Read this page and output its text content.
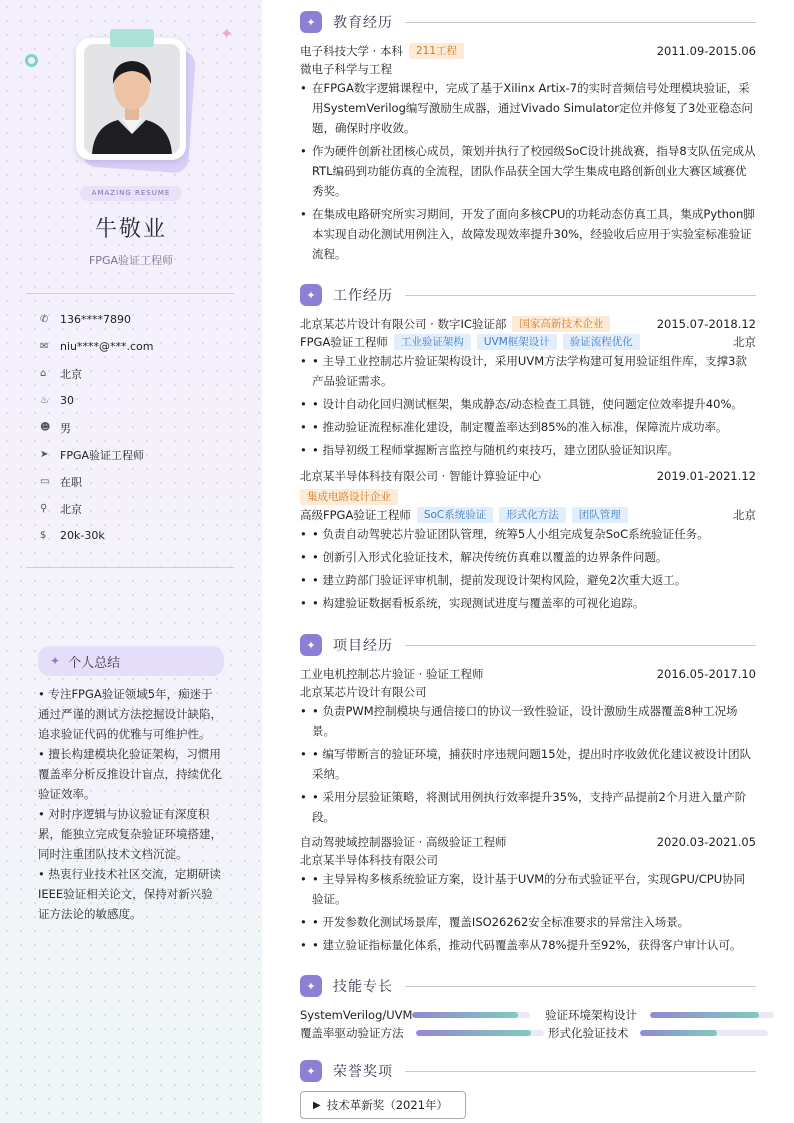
✦
AMAZING RESUME
牛敬业
FPGA验证工程师
✆	136****7890
✉	niu****@***.com
⌂	北京
♨	30
☻ 男
➤	FPGA验证工程师
▭ 在职
⚲	北京
$	20k-30k
✦ 个人总结
• 专注FPGA验证领域5年，痴迷于通过严谨的测试方法挖掘设计缺陷，追求验证代码的优雅与可维护性。
• 擅长构建模块化验证架构，习惯用覆盖率分析反推设计盲点，持续优化验证效率。
• 对时序逻辑与协议验证有深度积累，能独立完成复杂验证环境搭建，同时注重团队技术文档沉淀。
• 热衷行业技术社区交流，定期研读IEEE验证相关论文，保持对新兴验证方法论的敏感度。
✦	教育经历
电子科技大学 · 本科	211工程	2011.09-2015.06
微电子科学与工程
• 在FPGA数字逻辑课程中，完成了基于Xilinx Artix-7的实时音频信号处理模块验证，采用SystemVerilog编写激励生成器，通过Vivado Simulator定位并修复了3处亚稳态问题，确保时序收敛。
• 作为硬件创新社团核心成员，策划并执行了校园级SoC设计挑战赛，指导8支队伍完成从RTL编码到功能仿真的全流程，团队作品获全国大学生集成电路创新创业大赛区域赛优秀奖。
• 在集成电路研究所实习期间，开发了面向多核CPU的功耗动态仿真工具，集成Python脚本实现自动化测试用例注入，故障发现效率提升30%，经验收后应用于实验室标准验证流程。
✦	工作经历
北京某芯片设计有限公司 · 数字IC验证部	国家高新技术企业	2015.07-2018.12
FPGA验证工程师	工业验证架构	UVM框架设计	验证流程优化	北京
• • 主导工业控制芯片验证架构设计，采用UVM方法学构建可复用验证组件库，支撑3款产品验证需求。
• • 设计自动化回归测试框架，集成静态/动态检查工具链，使问题定位效率提升40%。
• • 推动验证流程标准化建设，制定覆盖率达到85%的准入标准，保障流片成功率。
• • 指导初级工程师掌握断言监控与随机约束技巧，建立团队验证知识库。
北京某半导体科技有限公司 · 智能计算验证中心	2019.01-2021.12
集成电路设计企业
高级FPGA验证工程师	SoC系统验证	形式化方法	团队管理	北京
• • 负责自动驾驶芯片验证团队管理，统筹5人小组完成复杂SoC系统验证任务。
• • 创新引入形式化验证技术，解决传统仿真难以覆盖的边界条件问题。
• • 建立跨部门验证评审机制，提前发现设计架构风险，避免2次重大返工。
• • 构建验证数据看板系统，实现测试进度与覆盖率的可视化追踪。
✦	项目经历
工业电机控制芯片验证 · 验证工程师	2016.05-2017.10
北京某芯片设计有限公司
• • 负责PWM控制模块与通信接口的协议一致性验证，设计激励生成器覆盖8种工况场景。
• • 编写带断言的验证环境，捕获时序违规问题15处，提出时序收敛优化建议被设计团队采纳。
• • 采用分层验证策略，将测试用例执行效率提升35%，支持产品提前2个月进入量产阶段。
自动驾驶域控制器验证 · 高级验证工程师	2020.03-2021.05
北京某半导体科技有限公司
• • 主导异构多核系统验证方案，设计基于UVM的分布式验证平台，实现GPU/CPU协同验证。
• • 开发参数化测试场景库，覆盖ISO26262安全标准要求的异常注入场景。
• • 建立验证指标量化体系，推动代码覆盖率从78%提升至92%，获得客户审计认可。
✦	技能专长
SystemVerilog/UVM	验证环境架构设计
覆盖率驱动验证方法	形式化验证技术
✦	荣誉奖项
▶ 技术革新奖（2021年）
